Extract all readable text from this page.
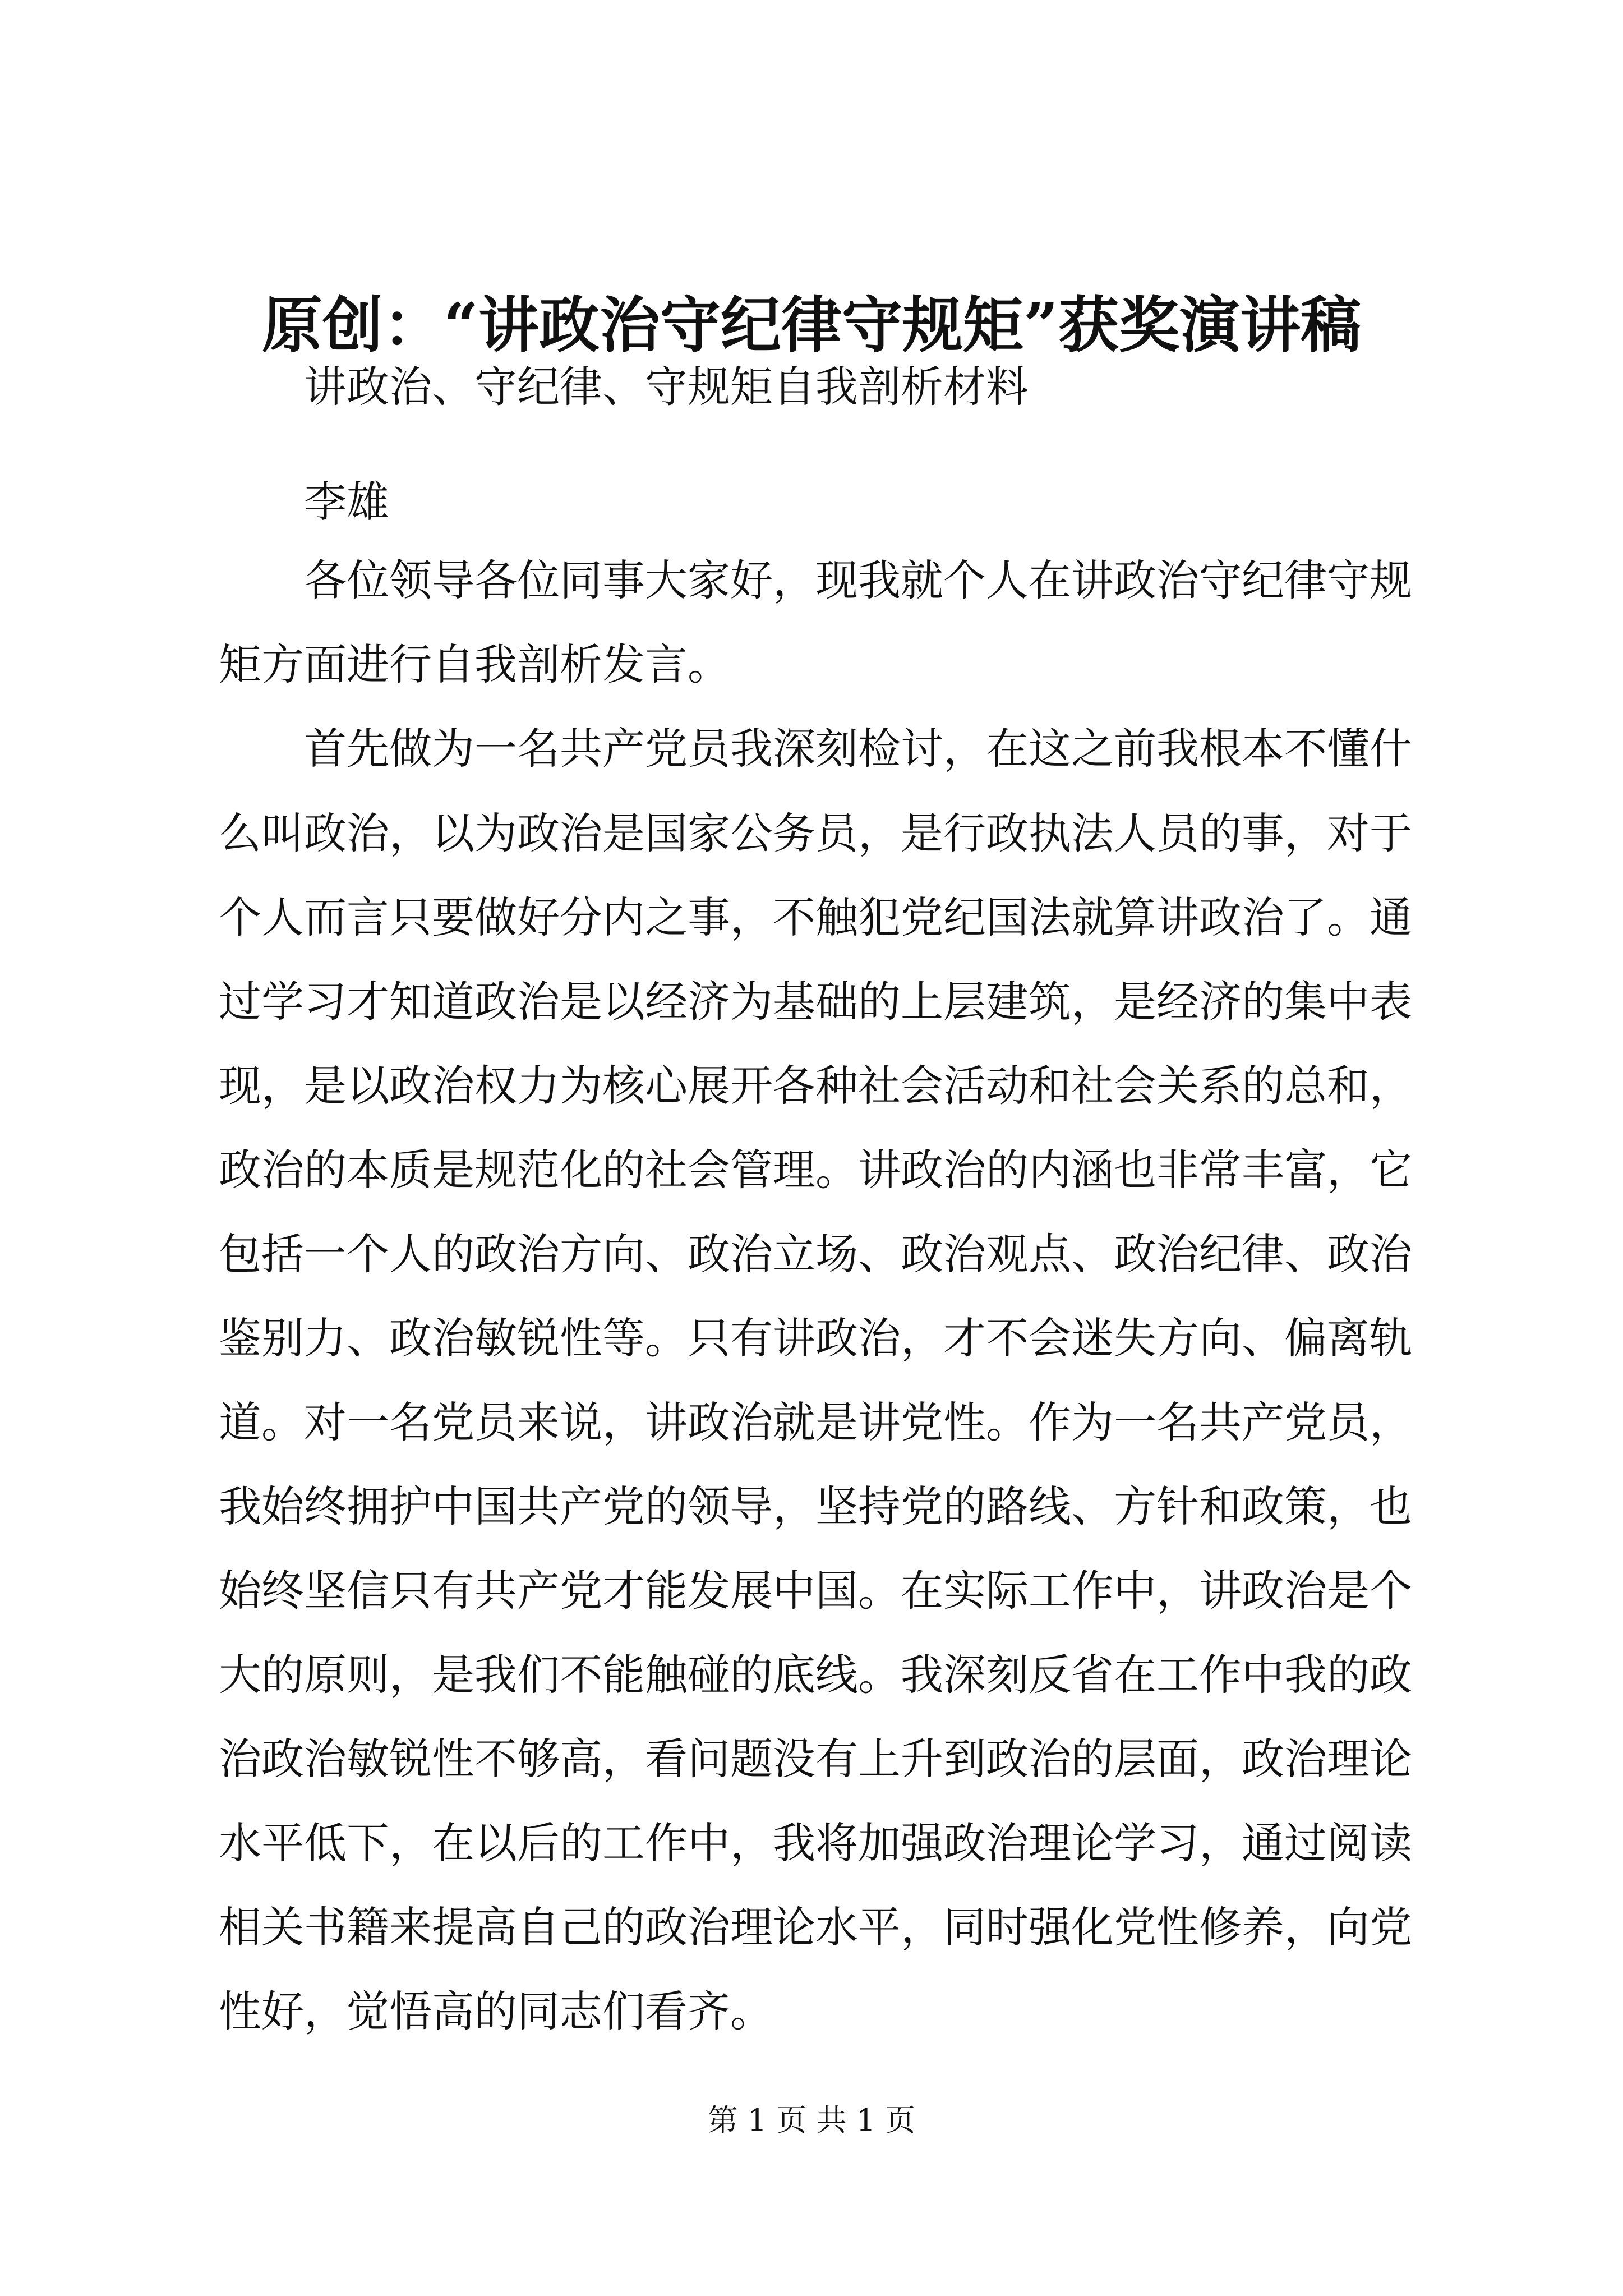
原创：“讲政治守纪律守规矩”获奖演讲稿
讲政治、守纪律、守规矩自我剖析材料
李雄
各位领导各位同事大家好，现我就个人在讲政治守纪律守规
矩方面进行自我剖析发言。
首先做为一名共产党员我深刻检讨，在这之前我根本不懂什
么叫政治，以为政治是国家公务员，是行政执法人员的事，对于
个人而言只要做好分内之事，不触犯党纪国法就算讲政治了。通
过学习才知道政治是以经济为基础的上层建筑，是经济的集中表
现，是以政治权力为核心展开各种社会活动和社会关系的总和，
政治的本质是规范化的社会管理。讲政治的内涵也非常丰富，它
包括一个人的政治方向、政治立场、政治观点、政治纪律、政治
鉴别力、政治敏锐性等。只有讲政治，才不会迷失方向、偏离轨
道。对一名党员来说，讲政治就是讲党性。作为一名共产党员，
我始终拥护中国共产党的领导，坚持党的路线、方针和政策，也
始终坚信只有共产党才能发展中国。在实际工作中，讲政治是个
大的原则，是我们不能触碰的底线。我深刻反省在工作中我的政
治政治敏锐性不够高，看问题没有上升到政治的层面，政治理论
水平低下，在以后的工作中，我将加强政治理论学习，通过阅读
相关书籍来提高自己的政治理论水平，同时强化党性修养，向党
性好，觉悟高的同志们看齐。
第 1 页 共 1 页
